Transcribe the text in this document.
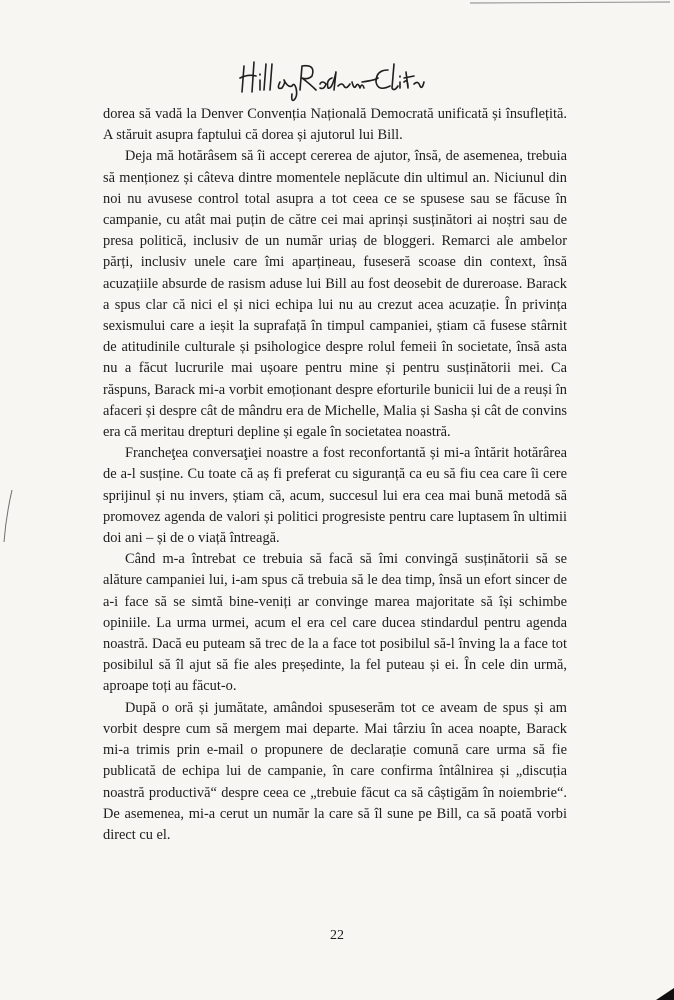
dorea să vadă la Denver Convenția Națională Democrată unificată și însuflețită. A stăruit asupra faptului că dorea și ajutorul lui Bill.

Deja mă hotărâsem să îi accept cererea de ajutor, însă, de asemenea, trebuia să menționez și câteva dintre momentele neplăcute din ultimul an. Niciunul din noi nu avusese control total asupra a tot ceea ce se spusese sau se făcuse în campanie, cu atât mai puțin de către cei mai aprinși susținători ai noștri sau de presa politică, inclusiv de un număr uriaș de bloggeri. Remarci ale ambelor părți, inclusiv unele care îmi aparțineau, fuseseră scoase din context, însă acuzațiile absurde de rasism aduse lui Bill au fost deosebit de dureroase. Barack a spus clar că nici el și nici echipa lui nu au crezut acea acuzație. În privința sexismului care a ieșit la suprafață în timpul campaniei, știam că fusese stârnit de atitudinile culturale și psihologice despre rolul femeii în societate, însă asta nu a făcut lucrurile mai ușoare pentru mine și pentru susținătorii mei. Ca răspuns, Barack mi-a vorbit emoționant despre eforturile bunicii lui de a reuși în afaceri și despre cât de mândru era de Michelle, Malia și Sasha și cât de convins era că meritau drepturi depline și egale în societatea noastră.

Francheţea conversaţiei noastre a fost reconfortantă și mi-a întărit hotărârea de a-l susține. Cu toate că aș fi preferat cu siguranță ca eu să fiu cea care îi cere sprijinul și nu invers, știam că, acum, succesul lui era cea mai bună metodă să promovez agenda de valori și politici progresiste pentru care luptasem în ultimii doi ani – și de o viață întreagă.

Când m-a întrebat ce trebuia să facă să îmi convingă susținătorii să se alăture campaniei lui, i-am spus că trebuia să le dea timp, însă un efort sincer de a-i face să se simtă bine-veniți ar convinge marea majoritate să își schimbe opiniile. La urma urmei, acum el era cel care ducea stindardul pentru agenda noastră. Dacă eu puteam să trec de la a face tot posibilul să-l înving la a face tot posibilul să îl ajut să fie ales președinte, la fel puteau și ei. În cele din urmă, aproape toți au făcut-o.

După o oră și jumătate, amândoi spuseserăm tot ce aveam de spus și am vorbit despre cum să mergem mai departe. Mai târziu în acea noapte, Barack mi-a trimis prin e-mail o propunere de declarație comună care urma să fie publicată de echipa lui de campanie, în care confirma întâlnirea și „discuția noastră productivă“ despre ceea ce „trebuie făcut ca să câștigăm în noiembrie“. De asemenea, mi-a cerut un număr la care să îl sune pe Bill, ca să poată vorbi direct cu el.

22
